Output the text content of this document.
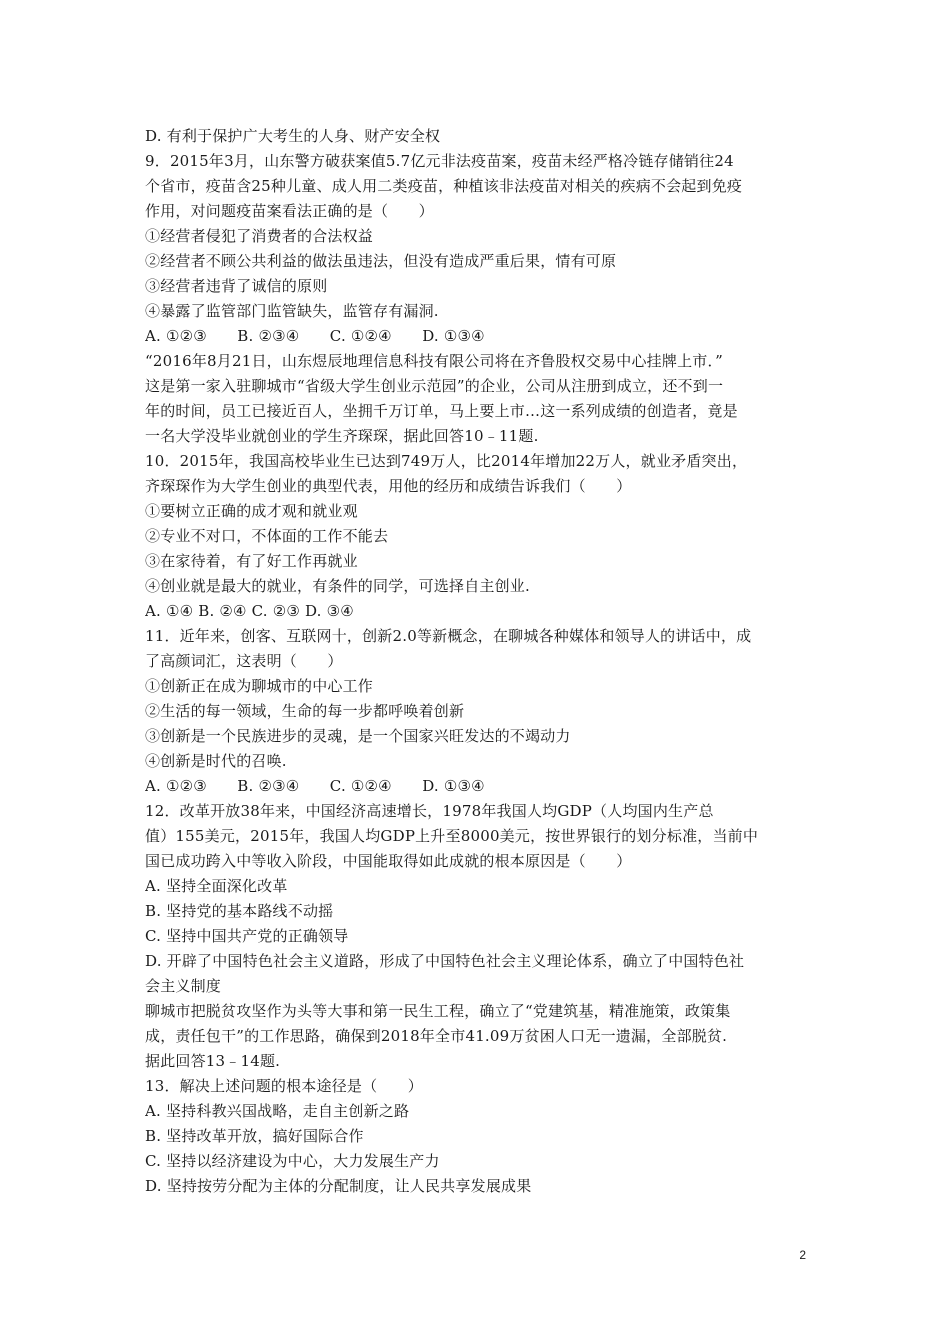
D. 有利于保护广大考生的人身、财产安全权
9．2015年3月，山东警方破获案值5.7亿元非法疫苗案，疫苗未经严格冷链存储销往24
个省市，疫苗含25种儿童、成人用二类疫苗，种植该非法疫苗对相关的疾病不会起到免疫
作用，对问题疫苗案看法正确的是（　　）
①经营者侵犯了消费者的合法权益
②经营者不顾公共利益的做法虽违法，但没有造成严重后果，情有可原
③经营者违背了诚信的原则
④暴露了监管部门监管缺失，监管存有漏洞.
A. ①②③　　B. ②③④　　C. ①②④　　D. ①③④
“2016年8月21日，山东煜辰地理信息科技有限公司将在齐鲁股权交易中心挂牌上市．”
这是第一家入驻聊城市“省级大学生创业示范园”的企业，公司从注册到成立，还不到一
年的时间，员工已接近百人，坐拥千万订单，马上要上市…这一系列成绩的创造者，竟是
一名大学没毕业就创业的学生齐琛琛，据此回答10﹣11题.
10．2015年，我国高校毕业生已达到749万人，比2014年增加22万人，就业矛盾突出，
齐琛琛作为大学生创业的典型代表，用他的经历和成绩告诉我们（　　）
①要树立正确的成才观和就业观
②专业不对口，不体面的工作不能去
③在家待着，有了好工作再就业
④创业就是最大的就业，有条件的同学，可选择自主创业.
A. ①④ B. ②④ C. ②③ D. ③④
11．近年来，创客、互联网十，创新2.0等新概念，在聊城各种媒体和领导人的讲话中，成
了高颜词汇，这表明（　　）
①创新正在成为聊城市的中心工作
②生活的每一领域，生命的每一步都呼唤着创新
③创新是一个民族进步的灵魂，是一个国家兴旺发达的不竭动力
④创新是时代的召唤.
A. ①②③　　B. ②③④　　C. ①②④　　D. ①③④
12．改革开放38年来，中国经济高速增长，1978年我国人均GDP（人均国内生产总
值）155美元，2015年，我国人均GDP上升至8000美元，按世界银行的划分标准，当前中
国已成功跨入中等收入阶段，中国能取得如此成就的根本原因是（　　）
A. 坚持全面深化改革
B. 坚持党的基本路线不动摇
C. 坚持中国共产党的正确领导
D. 开辟了中国特色社会主义道路，形成了中国特色社会主义理论体系，确立了中国特色社
会主义制度
聊城市把脱贫攻坚作为头等大事和第一民生工程，确立了“党建筑基，精准施策，政策集
成，责任包干”的工作思路，确保到2018年全市41.09万贫困人口无一遗漏，全部脱贫.
据此回答13﹣14题.
13．解决上述问题的根本途径是（　　）
A. 坚持科教兴国战略，走自主创新之路
B. 坚持改革开放，搞好国际合作
C. 坚持以经济建设为中心，大力发展生产力
D. 坚持按劳分配为主体的分配制度，让人民共享发展成果
2
